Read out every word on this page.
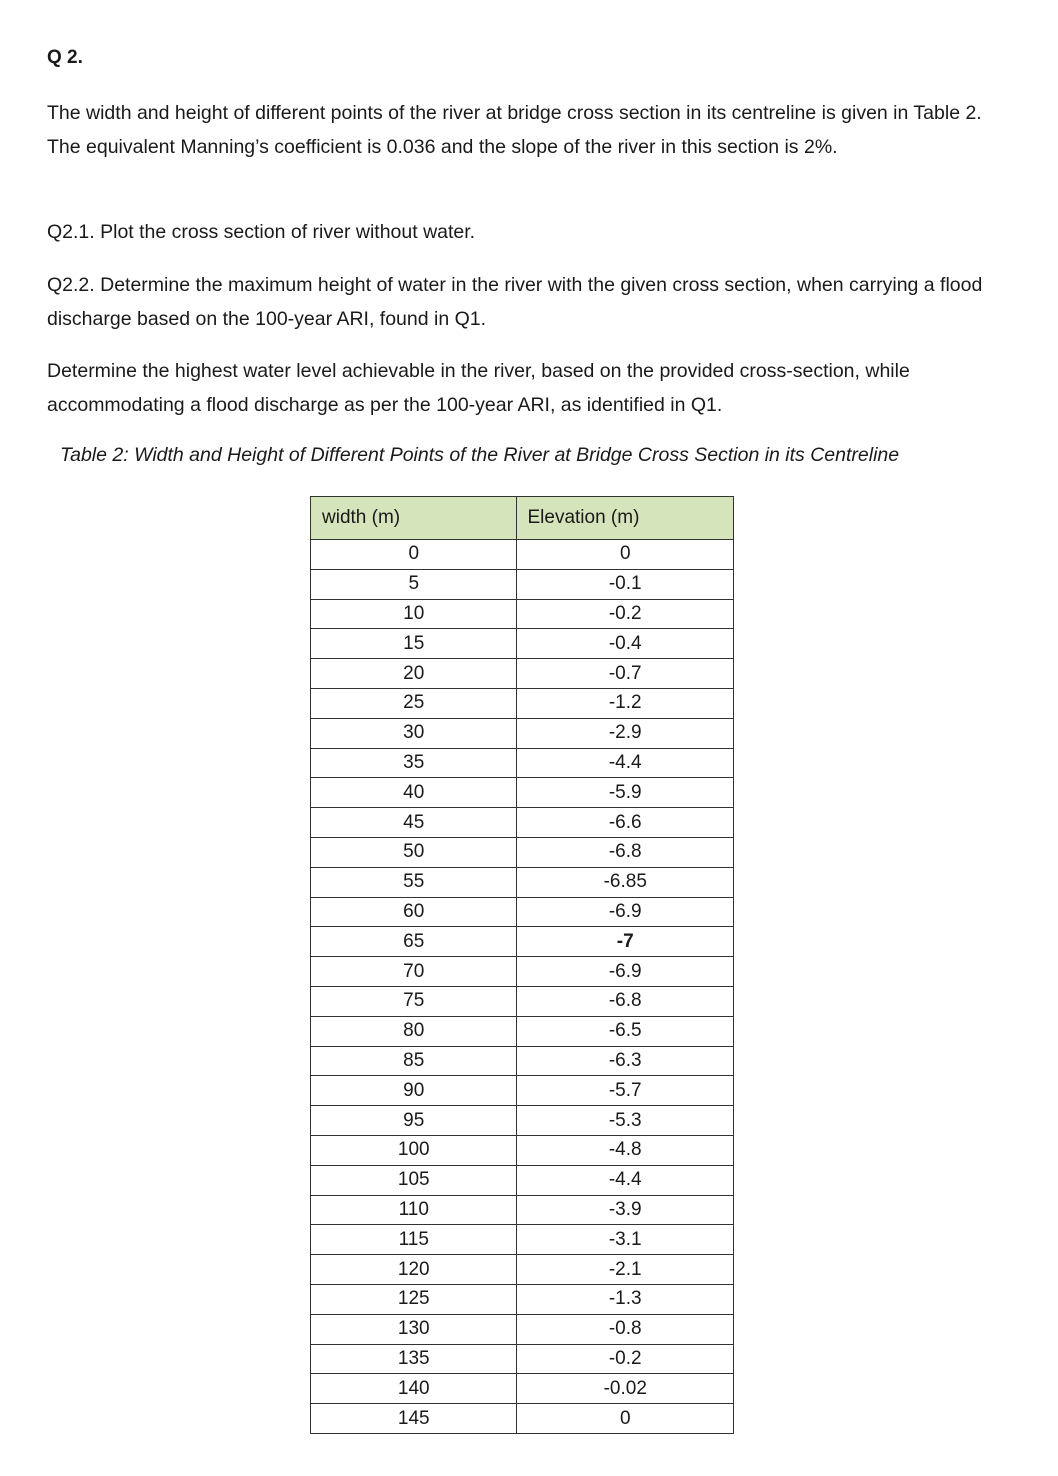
Q 2.

The width and height of different points of the river at bridge cross section in its centreline is given in Table 2. The equivalent Manning’s coefficient is 0.036 and the slope of the river in this section is 2%.

Q2.1. Plot the cross section of river without water.

Q2.2. Determine the maximum height of water in the river with the given cross section, when carrying a flood discharge based on the 100-year ARI, found in Q1.

Determine the highest water level achievable in the river, based on the provided cross-section, while accommodating a flood discharge as per the 100-year ARI, as identified in Q1.

Table 2: Width and Height of Different Points of the River at Bridge Cross Section in its Centreline

width (m)	Elevation (m)
0	0
5	-0.1
10	-0.2
15	-0.4
20	-0.7
25	-1.2
30	-2.9
35	-4.4
40	-5.9
45	-6.6
50	-6.8
55	-6.85
60	-6.9
65	-7
70	-6.9
75	-6.8
80	-6.5
85	-6.3
90	-5.7
95	-5.3
100	-4.8
105	-4.4
110	-3.9
115	-3.1
120	-2.1
125	-1.3
130	-0.8
135	-0.2
140	-0.02
145	0
